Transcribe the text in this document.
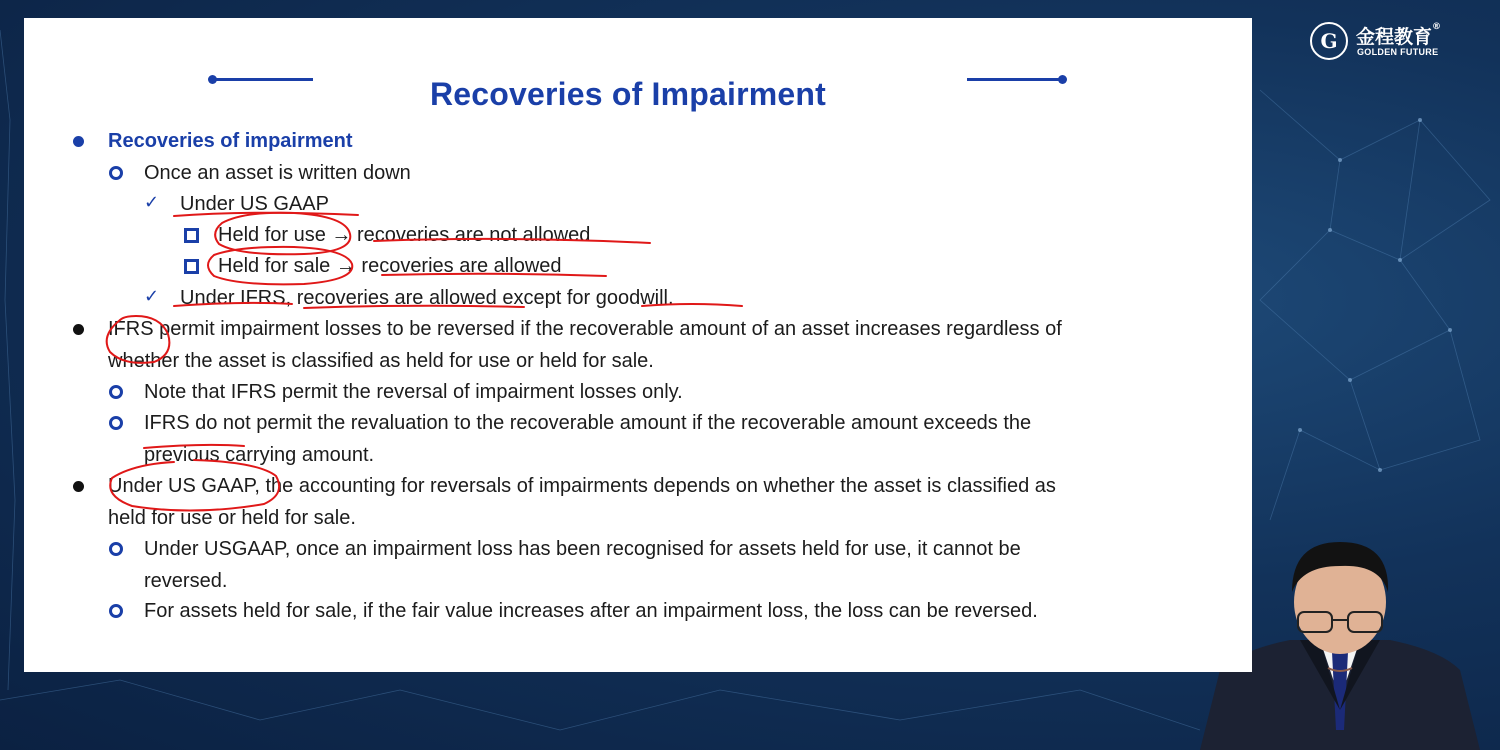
G 金程教育®
GOLDEN FUTURE
Recoveries of Impairment
Recoveries of impairment
Once an asset is written down
✓ Under US GAAP
Held for use → recoveries are not allowed
Held for sale → recoveries are allowed
✓ Under IFRS, recoveries are allowed except for goodwill.
IFRS permit impairment losses to be reversed if the recoverable amount of an asset increases regardless of
whether the asset is classified as held for use or held for sale.
Note that IFRS permit the reversal of impairment losses only.
IFRS do not permit the revaluation to the recoverable amount if the recoverable amount exceeds the
previous carrying amount.
Under US GAAP, the accounting for reversals of impairments depends on whether the asset is classified as
held for use or held for sale.
Under USGAAP, once an impairment loss has been recognised for assets held for use, it cannot be
reversed.
For assets held for sale, if the fair value increases after an impairment loss, the loss can be reversed.
